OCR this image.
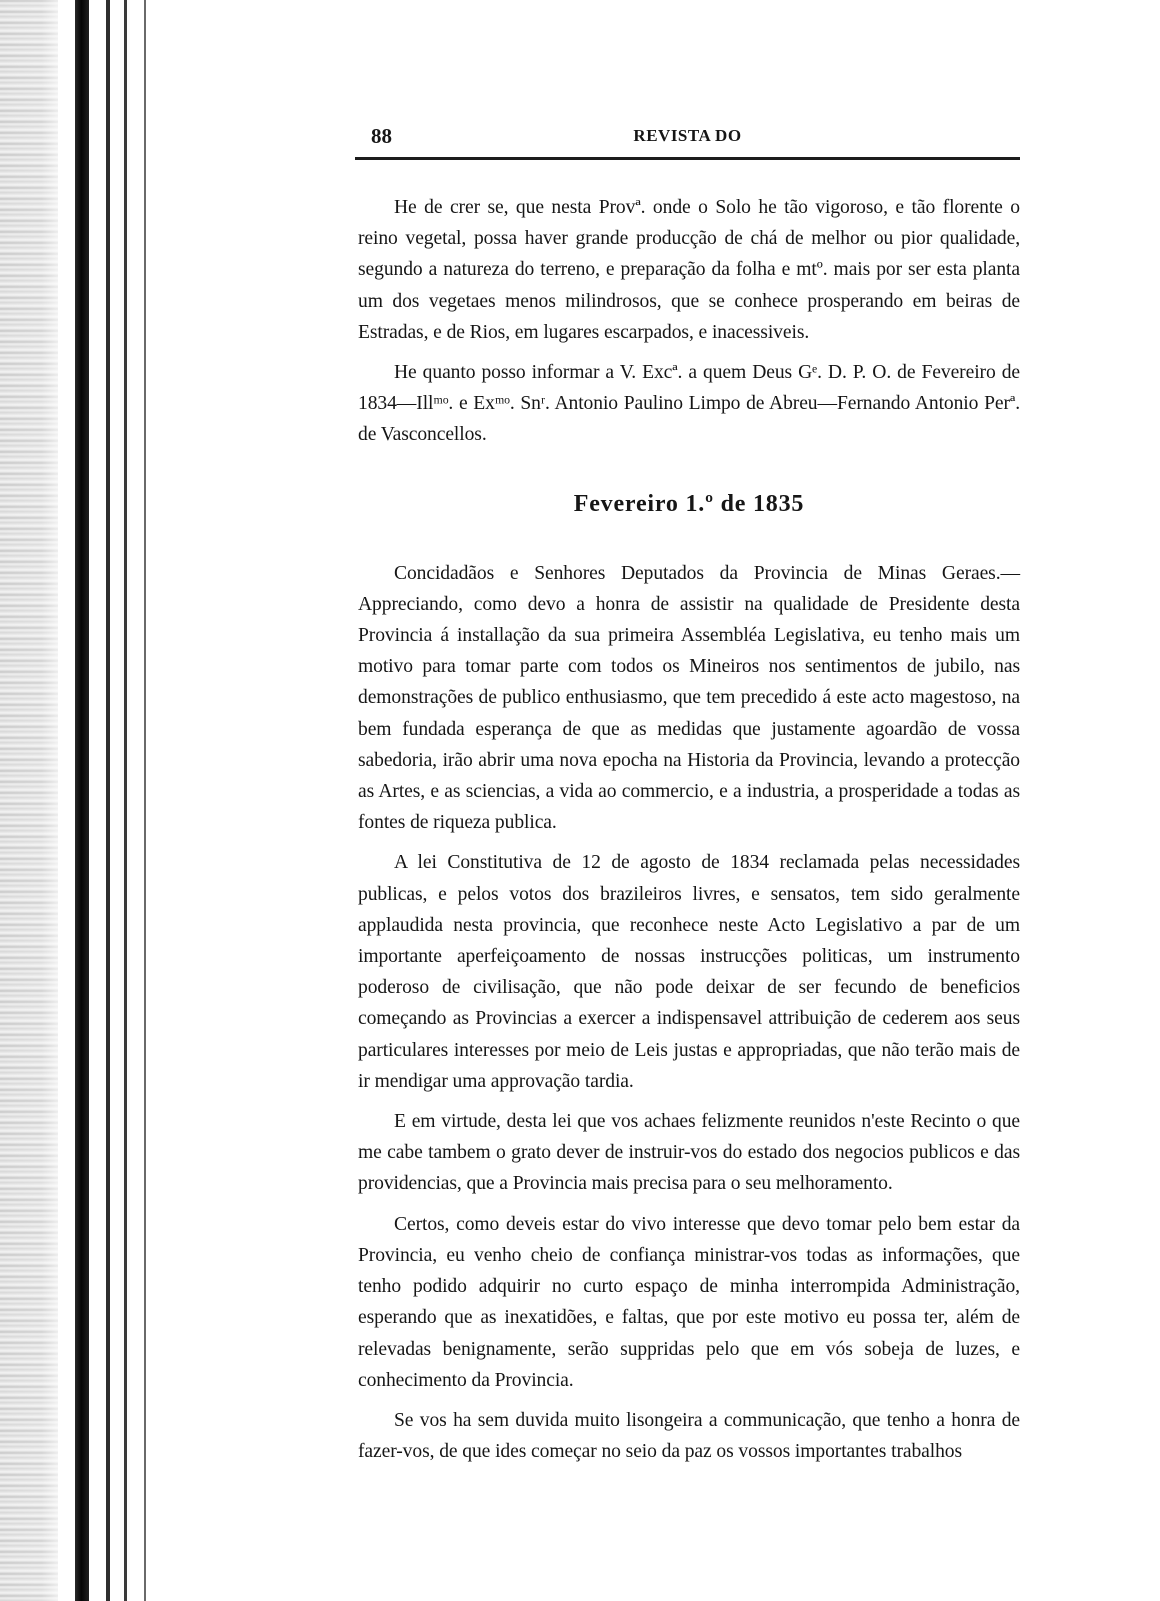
88	REVISTA DO

He de crer se, que nesta Provª. onde o Solo he tão vigoroso, e tão florente o reino vegetal, possa haver grande producção de chá de melhor ou pior qualidade, segundo a natureza do terreno, e preparação da folha e mtº. mais por ser esta planta um dos vegetaes menos milindrosos, que se conhece prosperando em beiras de Estradas, e de Rios, em lugares escarpados, e inacessiveis.

He quanto posso informar a V. Excª. a quem Deus Gᵉ. D. P. O. de Fevereiro de 1834—Illᵐᵒ. e Exᵐᵒ. Snʳ. Antonio Paulino Limpo de Abreu—Fernando Antonio Perª. de Vasconcellos.

Fevereiro 1.º de 1835

Concidadãos e Senhores Deputados da Provincia de Minas Geraes.—Appreciando, como devo a honra de assistir na qualidade de Presidente desta Provincia á installação da sua primeira Assembléa Legislativa, eu tenho mais um motivo para tomar parte com todos os Mineiros nos sentimentos de jubilo, nas demonstrações de publico enthusiasmo, que tem precedido á este acto magestoso, na bem fundada esperança de que as medidas que justamente agoardão de vossa sabedoria, irão abrir uma nova epocha na Historia da Provincia, levando a protecção as Artes, e as sciencias, a vida ao commercio, e a industria, a prosperidade a todas as fontes de riqueza publica.

A lei Constitutiva de 12 de agosto de 1834 reclamada pelas necessidades publicas, e pelos votos dos brazileiros livres, e sensatos, tem sido geralmente applaudida nesta provincia, que reconhece neste Acto Legislativo a par de um importante aperfeiçoamento de nossas instrucções politicas, um instrumento poderoso de civilisação, que não pode deixar de ser fecundo de beneficios começando as Provincias a exercer a indispensavel attribuição de cederem aos seus particulares interesses por meio de Leis justas e appropriadas, que não terão mais de ir mendigar uma approvação tardia.

E em virtude, desta lei que vos achaes felizmente reunidos n'este Recinto o que me cabe tambem o grato dever de instruir-vos do estado dos negocios publicos e das providencias, que a Provincia mais precisa para o seu melhoramento.

Certos, como deveis estar do vivo interesse que devo tomar pelo bem estar da Provincia, eu venho cheio de confiança ministrar-vos todas as informações, que tenho podido adquirir no curto espaço de minha interrompida Administração, esperando que as inexatidões, e faltas, que por este motivo eu possa ter, além de relevadas benignamente, serão suppridas pelo que em vós sobeja de luzes, e conhecimento da Provincia.

Se vos ha sem duvida muito lisongeira a communicação, que tenho a honra de fazer-vos, de que ides começar no seio da paz os vossos importantes trabalhos
